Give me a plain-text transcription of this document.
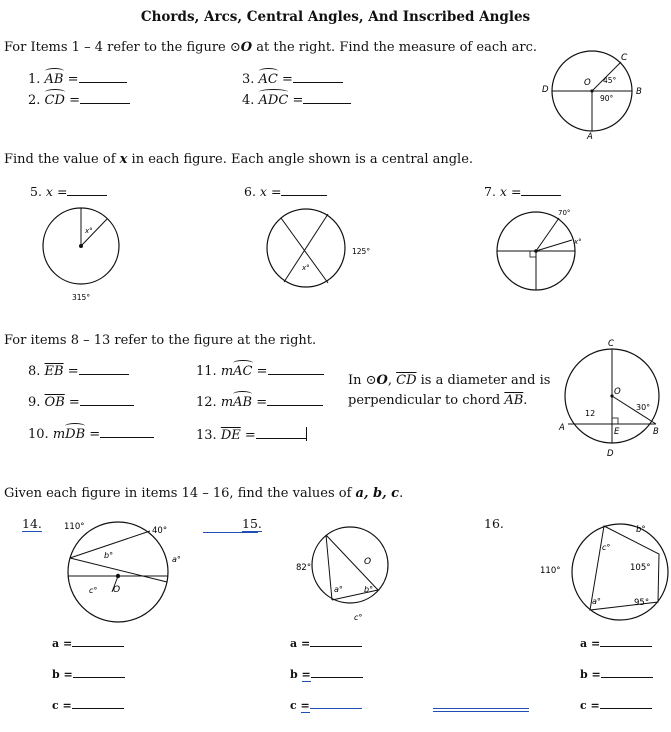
Chords, Arcs, Central Angles, And Inscribed Angles
For Items 1 – 4 refer to the figure ⊙O at the right. Find the measure of each arc.
1. AB =	3. AC =
2. CD =	4. ADC =
C
O 45°
D
90°
B
A
Find the value of x in each figure. Each angle shown is a central angle.
5. x =	6. x =	7. x =
x°
315°
x°
125°
70°
x°
For items 8 – 13 refer to the figure at the right.
8. $\overline{EB}$ =	11. mAC =
9. $\overline{OB}$ =	12. mAB =
10. mDB =	13. $\overline{DE}$ =
In ⊙O, $\overline{CD}$ is a diameter and is
perpendicular to chord $\overline{AB}$.
C
O
12
30°
A	E	B
D
Given each figure in items 14 – 16, find the values of a, b, c.
14.	15.	16.
110°	40°
b°	a°
c° O
82°
O
a°	b°
c°
b°
c°
105°
110°
a°	95°
a =
b =
c =
a =
b =
c =
a =
b =
c =
